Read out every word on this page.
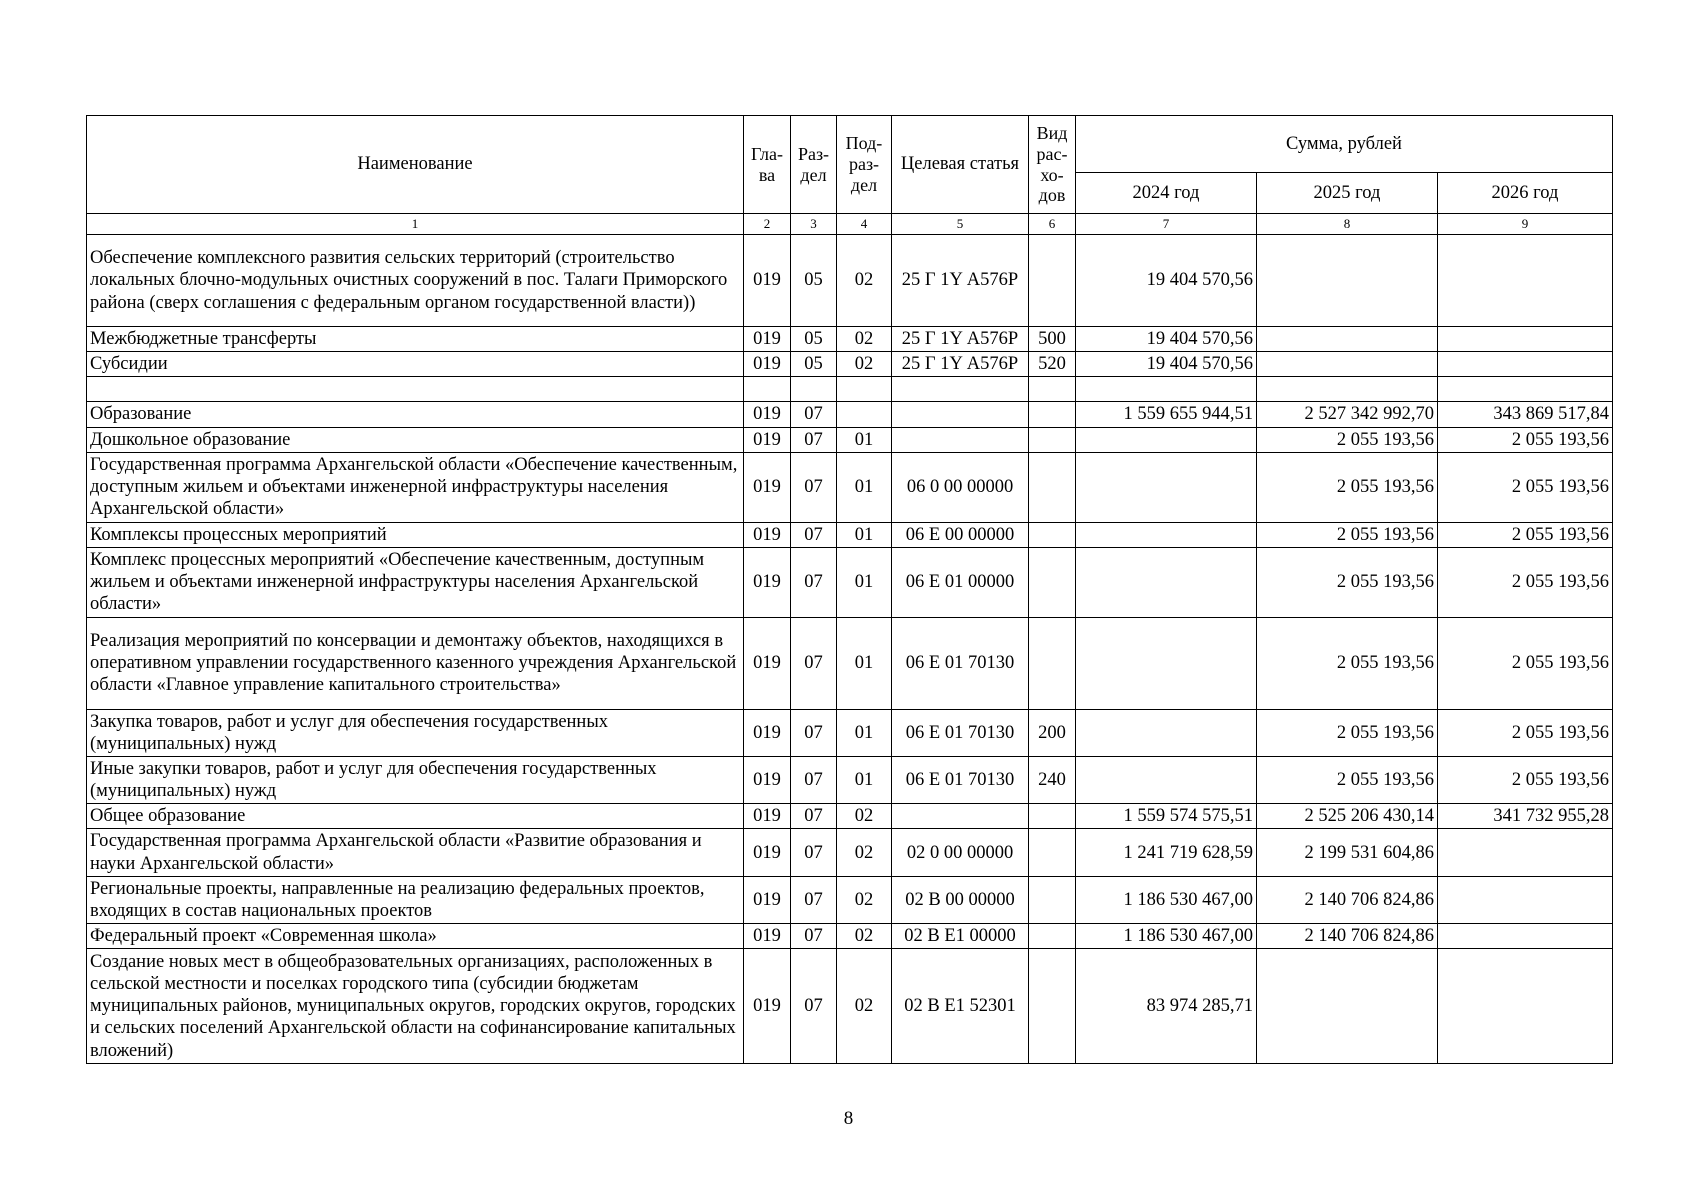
Наименование	Гла-ва	Раз-дел	Под-раз-дел	Целевая статья	Вид рас-хо-дов	Сумма, рублей		
						2024 год	2025 год	2026 год
1	2	3	4	5	6	7	8	9
Обеспечение комплексного развития сельских территорий (строительство локальных блочно-модульных очистных сооружений в пос. Талаги Приморского района (сверх соглашения с федеральным органом государственной власти))	019	05	02	25 Г 1Y А576Р		19 404 570,56		
Межбюджетные трансферты	019	05	02	25 Г 1Y А576Р	500	19 404 570,56		
Субсидии	019	05	02	25 Г 1Y А576Р	520	19 404 570,56		

Образование	019	07				1 559 655 944,51	2 527 342 992,70	343 869 517,84
Дошкольное образование	019	07	01				2 055 193,56	2 055 193,56
Государственная программа Архангельской области «Обеспечение качественным, доступным жильем и объектами инженерной инфраструктуры населения Архангельской области»	019	07	01	06 0 00 00000			2 055 193,56	2 055 193,56
Комплексы процессных мероприятий	019	07	01	06 Е 00 00000			2 055 193,56	2 055 193,56
Комплекс процессных мероприятий «Обеспечение качественным, доступным жильем и объектами инженерной инфраструктуры населения Архангельской области»	019	07	01	06 Е 01 00000			2 055 193,56	2 055 193,56
Реализация мероприятий по консервации и демонтажу объектов, находящихся в оперативном управлении государственного казенного учреждения Архангельской области «Главное управление капитального строительства»	019	07	01	06 Е 01 70130			2 055 193,56	2 055 193,56
Закупка товаров, работ и услуг для обеспечения государственных (муниципальных) нужд	019	07	01	06 Е 01 70130	200		2 055 193,56	2 055 193,56
Иные закупки товаров, работ и услуг для обеспечения государственных (муниципальных) нужд	019	07	01	06 Е 01 70130	240		2 055 193,56	2 055 193,56
Общее образование	019	07	02			1 559 574 575,51	2 525 206 430,14	341 732 955,28
Государственная программа Архангельской области «Развитие образования и науки Архангельской области»	019	07	02	02 0 00 00000		1 241 719 628,59	2 199 531 604,86	
Региональные проекты, направленные на реализацию федеральных проектов, входящих в состав национальных проектов	019	07	02	02 В 00 00000		1 186 530 467,00	2 140 706 824,86	
Федеральный проект «Современная школа»	019	07	02	02 В Е1 00000		1 186 530 467,00	2 140 706 824,86	
Создание новых мест в общеобразовательных организациях, расположенных в сельской местности и поселках городского типа (субсидии бюджетам муниципальных районов, муниципальных округов, городских округов, городских и сельских поселений Архангельской области на софинансирование капитальных вложений)	019	07	02	02 В Е1 52301		83 974 285,71		
8
